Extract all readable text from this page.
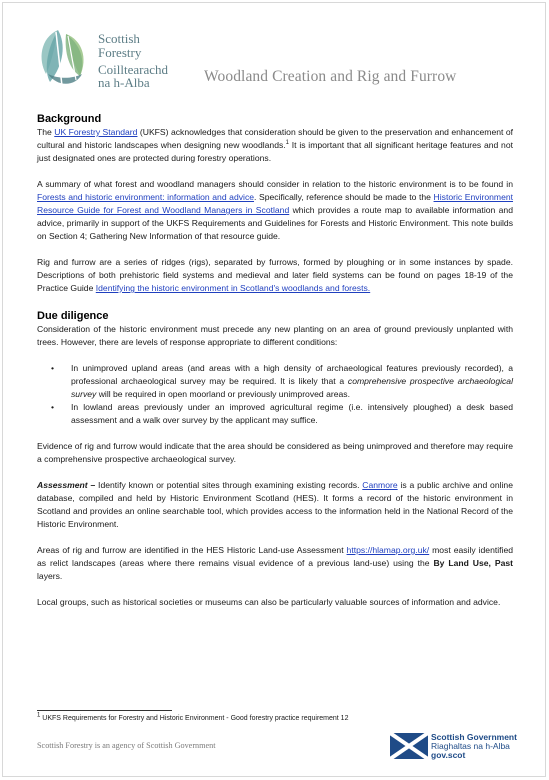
Scottish
Forestry
Coilltearachd
na h-Alba	Woodland Creation and Rig and Furrow
Background

The UK Forestry Standard (UKFS) acknowledges that consideration should be given to the preservation and enhancement of cultural and historic landscapes when designing new woodlands.$^1$ It is important that all significant heritage features and not just designated ones are protected during forestry operations.

A summary of what forest and woodland managers should consider in relation to the historic environment is to be found in Forests and historic environment: information and advice. Specifically, reference should be made to the Historic Environment Resource Guide for Forest and Woodland Managers in Scotland which provides a route map to available information and advice, primarily in support of the UKFS Requirements and Guidelines for Forests and Historic Environment. This note builds on Section 4; Gathering New Information of that resource guide.

Rig and furrow are a series of ridges (rigs), separated by furrows, formed by ploughing or in some instances by spade. Descriptions of both prehistoric field systems and medieval and later field systems can be found on pages 18-19 of the Practice Guide Identifying the historic environment in Scotland's woodlands and forests.

Due diligence

Consideration of the historic environment must precede any new planting on an area of ground previously unplanted with trees. However, there are levels of response appropriate to different conditions:

• In unimproved upland areas (and areas with a high density of archaeological features previously recorded), a professional archaeological survey may be required. It is likely that a comprehensive prospective archaeological survey will be required in open moorland or previously unimproved areas.
• In lowland areas previously under an improved agricultural regime (i.e. intensively ploughed) a desk based assessment and a walk over survey by the applicant may suffice.

Evidence of rig and furrow would indicate that the area should be considered as being unimproved and therefore may require a comprehensive prospective archaeological survey.

Assessment – Identify known or potential sites through examining existing records. Canmore is a public archive and online database, compiled and held by Historic Environment Scotland (HES). It forms a record of the historic environment in Scotland and provides an online searchable tool, which provides access to the information held in the National Record of the Historic Environment.

Areas of rig and furrow are identified in the HES Historic Land-use Assessment https://hlamap.org.uk/ most easily identified as relict landscapes (areas where there remains visual evidence of a previous land-use) using the By Land Use, Past layers.

Local groups, such as historical societies or museums can also be particularly valuable sources of information and advice.

$^1$ UKFS Requirements for Forestry and Historic Environment - Good forestry practice requirement 12
Scottish Forestry is an agency of Scottish Government
Scottish Government
Riaghaltas na h-Alba
gov.scot
